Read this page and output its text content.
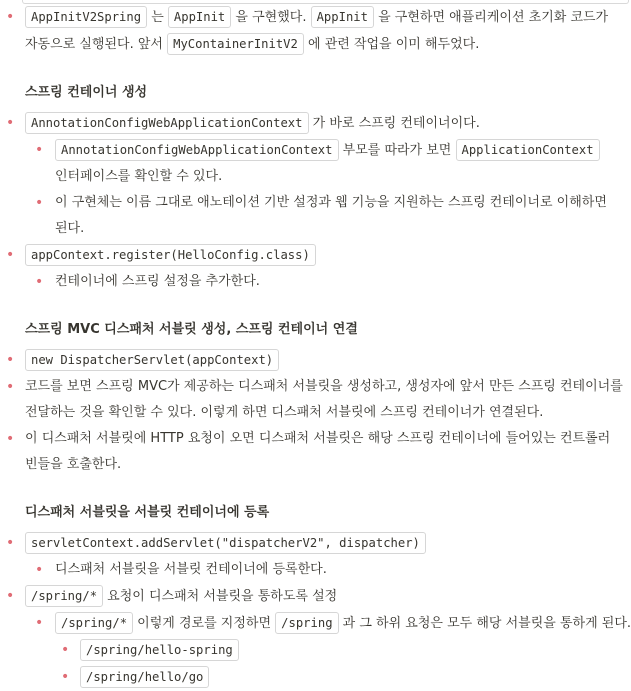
• AppInitV2Spring 는 AppInit 을 구현했다. AppInit 을 구현하면 애플리케이션 초기화 코드가
자동으로 실행된다. 앞서 MyContainerInitV2 에 관련 작업을 이미 해두었다.
스프링 컨테이너 생성
• AnnotationConfigWebApplicationContext 가 바로 스프링 컨테이너이다.
• AnnotationConfigWebApplicationContext 부모를 따라가 보면 ApplicationContext
인터페이스를 확인할 수 있다.
• 이 구현체는 이름 그대로 애노테이션 기반 설정과 웹 기능을 지원하는 스프링 컨테이너로 이해하면
된다.
• appContext.register(HelloConfig.class)
• 컨테이너에 스프링 설정을 추가한다.
스프링 MVC 디스패처 서블릿 생성, 스프링 컨테이너 연결
• new DispatcherServlet(appContext)
• 코드를 보면 스프링 MVC가 제공하는 디스패처 서블릿을 생성하고, 생성자에 앞서 만든 스프링 컨테이너를
전달하는 것을 확인할 수 있다. 이렇게 하면 디스패처 서블릿에 스프링 컨테이너가 연결된다.
• 이 디스패처 서블릿에 HTTP 요청이 오면 디스패처 서블릿은 해당 스프링 컨테이너에 들어있는 컨트롤러
빈들을 호출한다.
디스패처 서블릿을 서블릿 컨테이너에 등록
• servletContext.addServlet("dispatcherV2", dispatcher)
• 디스패처 서블릿을 서블릿 컨테이너에 등록한다.
• /spring/* 요청이 디스패처 서블릿을 통하도록 설정
• /spring/* 이렇게 경로를 지정하면 /spring 과 그 하위 요청은 모두 해당 서블릿을 통하게 된다.
• /spring/hello-spring
• /spring/hello/go
